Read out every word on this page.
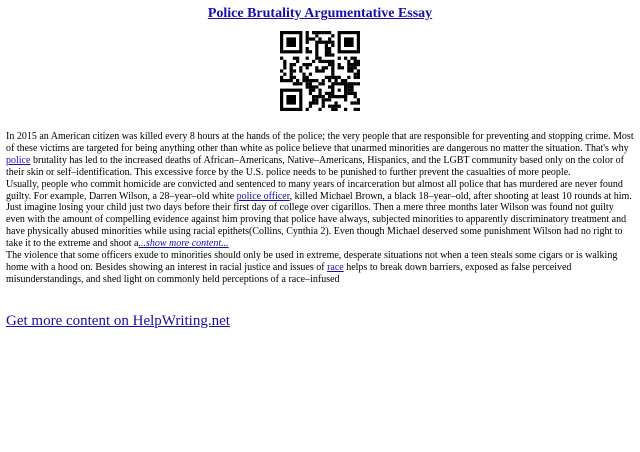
Police Brutality Argumentative Essay

In 2015 an American citizen was killed every 8 hours at the hands of the police; the very people that are responsible for preventing and stopping crime. Most of these victims are targeted for being anything other than white as police believe that unarmed minorities are dangerous no matter the situation. That's why police brutality has led to the increased deaths of African–Americans, Native–Americans, Hispanics, and the LGBT community based only on the color of their skin or self–identification. This excessive force by the U.S. police needs to be punished to further prevent the casualties of more people.

Usually, people who commit homicide are convicted and sentenced to many years of incarceration but almost all police that has murdered are never found guilty. For example, Darren Wilson, a 28–year–old white police officer, killed Michael Brown, a black 18–year–old, after shooting at least 10 rounds at him. Just imagine losing your child just two days before their first day of college over cigarillos. Then a mere three months later Wilson was found not guilty even with the amount of compelling evidence against him proving that police have always, subjected minorities to apparently discriminatory treatment and have physically abused minorities while using racial epithets(Collins, Cynthia 2). Even though Michael deserved some punishment Wilson had no right to take it to the extreme and shoot a...show more content...

The violence that some officers exude to minorities should only be used in extreme, desperate situations not when a teen steals some cigars or is walking home with a hood on. Besides showing an interest in racial justice and issues of race helps to break down barriers, exposed as false perceived misunderstandings, and shed light on commonly held perceptions of a race–infused

Get more content on HelpWriting.net
